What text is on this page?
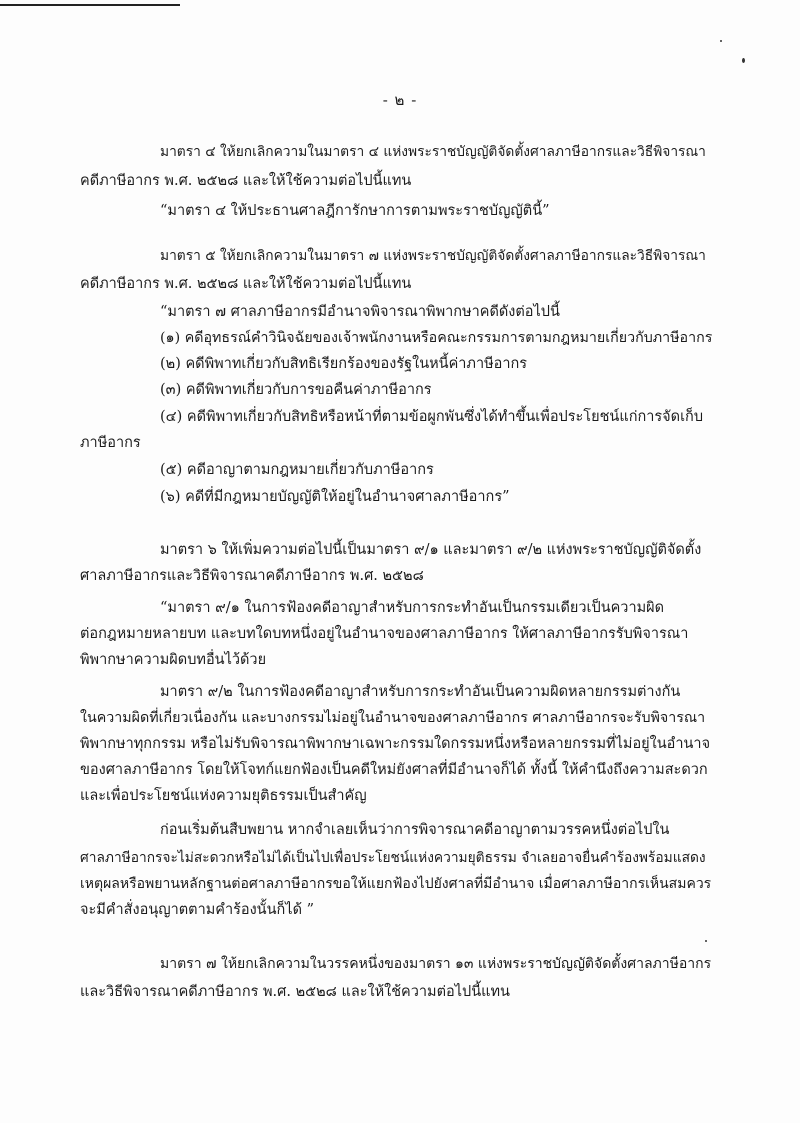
- ๒ -
มาตรา ๔ ให้ยกเลิกความในมาตรา ๔ แห่งพระราชบัญญัติจัดตั้งศาลภาษีอากรและวิธีพิจารณา
คดีภาษีอากร พ.ศ. ๒๕๒๘ และให้ใช้ความต่อไปนี้แทน
“มาตรา ๔ ให้ประธานศาลฎีการักษาการตามพระราชบัญญัตินี้”
มาตรา ๕ ให้ยกเลิกความในมาตรา ๗ แห่งพระราชบัญญัติจัดตั้งศาลภาษีอากรและวิธีพิจารณา
คดีภาษีอากร พ.ศ. ๒๕๒๘ และให้ใช้ความต่อไปนี้แทน
“มาตรา ๗ ศาลภาษีอากรมีอำนาจพิจารณาพิพากษาคดีดังต่อไปนี้
(๑) คดีอุทธรณ์คำวินิจฉัยของเจ้าพนักงานหรือคณะกรรมการตามกฎหมายเกี่ยวกับภาษีอากร
(๒) คดีพิพาทเกี่ยวกับสิทธิเรียกร้องของรัฐในหนี้ค่าภาษีอากร
(๓) คดีพิพาทเกี่ยวกับการขอคืนค่าภาษีอากร
(๔) คดีพิพาทเกี่ยวกับสิทธิหรือหน้าที่ตามข้อผูกพันซึ่งได้ทำขึ้นเพื่อประโยชน์แก่การจัดเก็บ
ภาษีอากร
(๕) คดีอาญาตามกฎหมายเกี่ยวกับภาษีอากร
(๖) คดีที่มีกฎหมายบัญญัติให้อยู่ในอำนาจศาลภาษีอากร”
มาตรา ๖ ให้เพิ่มความต่อไปนี้เป็นมาตรา ๙/๑ และมาตรา ๙/๒ แห่งพระราชบัญญัติจัดตั้ง
ศาลภาษีอากรและวิธีพิจารณาคดีภาษีอากร พ.ศ. ๒๕๒๘
“มาตรา ๙/๑ ในการฟ้องคดีอาญาสำหรับการกระทำอันเป็นกรรมเดียวเป็นความผิด
ต่อกฎหมายหลายบท และบทใดบทหนึ่งอยู่ในอำนาจของศาลภาษีอากร ให้ศาลภาษีอากรรับพิจารณา
พิพากษาความผิดบทอื่นไว้ด้วย
มาตรา ๙/๒ ในการฟ้องคดีอาญาสำหรับการกระทำอันเป็นความผิดหลายกรรมต่างกัน
ในความผิดที่เกี่ยวเนื่องกัน และบางกรรมไม่อยู่ในอำนาจของศาลภาษีอากร ศาลภาษีอากรจะรับพิจารณา
พิพากษาทุกกรรม หรือไม่รับพิจารณาพิพากษาเฉพาะกรรมใดกรรมหนึ่งหรือหลายกรรมที่ไม่อยู่ในอำนาจ
ของศาลภาษีอากร โดยให้โจทก์แยกฟ้องเป็นคดีใหม่ยังศาลที่มีอำนาจก็ได้ ทั้งนี้ ให้คำนึงถึงความสะดวก
และเพื่อประโยชน์แห่งความยุติธรรมเป็นสำคัญ
ก่อนเริ่มต้นสืบพยาน หากจำเลยเห็นว่าการพิจารณาคดีอาญาตามวรรคหนึ่งต่อไปใน
ศาลภาษีอากรจะไม่สะดวกหรือไม่ได้เป็นไปเพื่อประโยชน์แห่งความยุติธรรม จำเลยอาจยื่นคำร้องพร้อมแสดง
เหตุผลหรือพยานหลักฐานต่อศาลภาษีอากรขอให้แยกฟ้องไปยังศาลที่มีอำนาจ เมื่อศาลภาษีอากรเห็นสมควร
จะมีคำสั่งอนุญาตตามคำร้องนั้นก็ได้ ”
มาตรา ๗ ให้ยกเลิกความในวรรคหนึ่งของมาตรา ๑๓ แห่งพระราชบัญญัติจัดตั้งศาลภาษีอากร
และวิธีพิจารณาคดีภาษีอากร พ.ศ. ๒๕๒๘ และให้ใช้ความต่อไปนี้แทน
